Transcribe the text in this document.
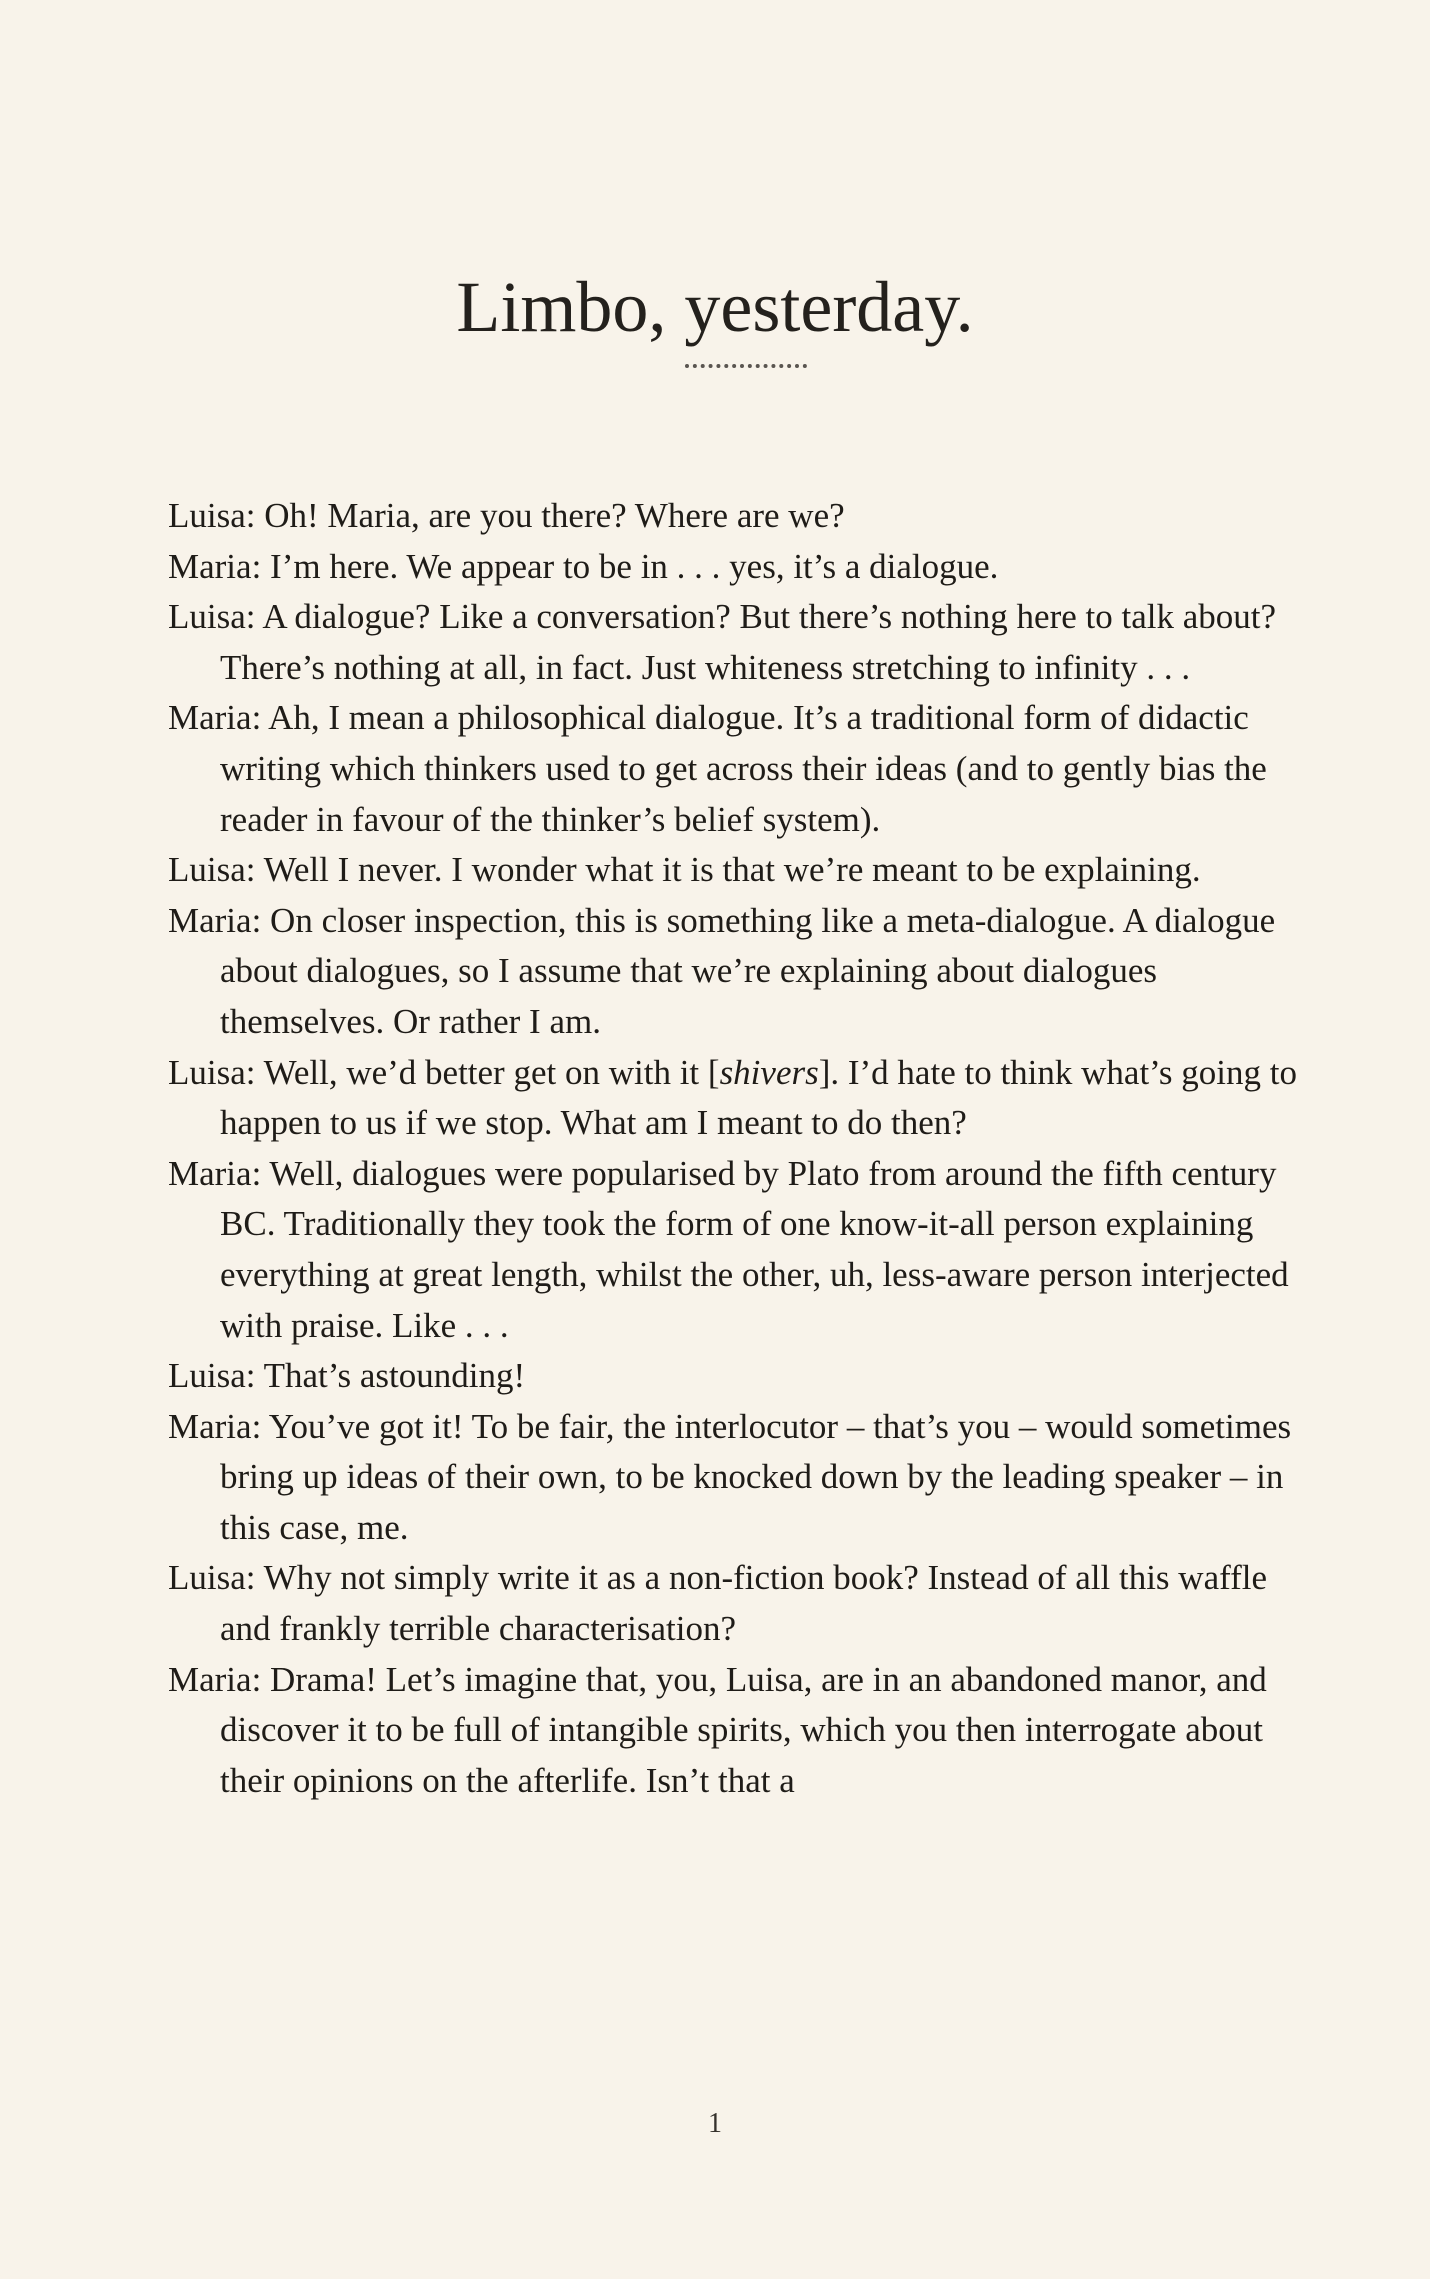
Limbo, yesterday.

Luisa: Oh! Maria, are you there? Where are we?

Maria: I’m here. We appear to be in . . . yes, it’s a dialogue.

Luisa: A dialogue? Like a conversation? But there’s nothing here to talk about? There’s nothing at all, in fact. Just whiteness stretching to infinity . . .

Maria: Ah, I mean a philosophical dialogue. It’s a traditional form of didactic writing which thinkers used to get across their ideas (and to gently bias the reader in favour of the thinker’s belief system).

Luisa: Well I never. I wonder what it is that we’re meant to be explaining.

Maria: On closer inspection, this is something like a meta-dialogue. A dialogue about dialogues, so I assume that we’re explaining about dialogues themselves. Or rather I am.

Luisa: Well, we’d better get on with it [shivers]. I’d hate to think what’s going to happen to us if we stop. What am I meant to do then?

Maria: Well, dialogues were popularised by Plato from around the fifth century BC. Traditionally they took the form of one know-it-all person explaining everything at great length, whilst the other, uh, less-aware person interjected with praise. Like . . .

Luisa: That’s astounding!

Maria: You’ve got it! To be fair, the interlocutor – that’s you – would sometimes bring up ideas of their own, to be knocked down by the leading speaker – in this case, me.

Luisa: Why not simply write it as a non-fiction book? Instead of all this waffle and frankly terrible characterisation?

Maria: Drama! Let’s imagine that, you, Luisa, are in an abandoned manor, and discover it to be full of intangible spirits, which you then interrogate about their opinions on the afterlife. Isn’t that a

1
